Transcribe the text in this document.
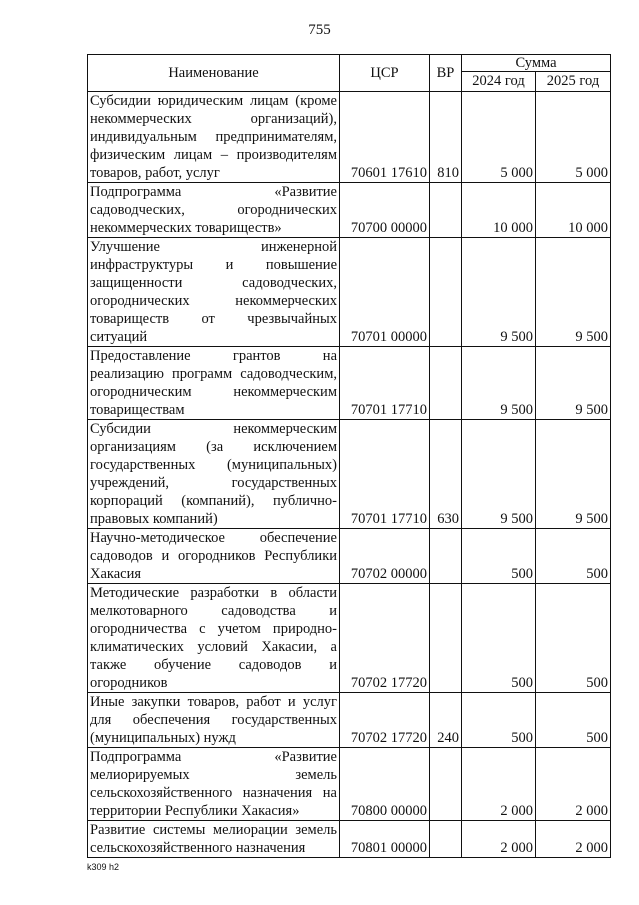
755
Наименование	ЦСР	ВР	Сумма	
			2024 год	2025 год
Субсидии юридическим лицам (кроме некоммерческих организаций), индивидуальным предпринимателям, физическим лицам – производителям товаров, работ, услуг	70601 17610	810	5 000	5 000
Подпрограмма «Развитие садоводческих, огороднических некоммерческих товариществ»	70700 00000		10 000	10 000
Улучшение инженерной инфраструктуры и повышение защищенности садоводческих, огороднических некоммерческих товариществ от чрезвычайных ситуаций	70701 00000		9 500	9 500
Предоставление грантов на реализацию программ садоводческим, огородническим некоммерческим товариществам	70701 17710		9 500	9 500
Субсидии некоммерческим организациям (за исключением государственных (муниципальных) учреждений, государственных корпораций (компаний), публично-правовых компаний)	70701 17710	630	9 500	9 500
Научно-методическое обеспечение садоводов и огородников Республики Хакасия	70702 00000		500	500
Методические разработки в области мелкотоварного садоводства и огородничества с учетом природно-климатических условий Хакасии, а также обучение садоводов и огородников	70702 17720		500	500
Иные закупки товаров, работ и услуг для обеспечения государственных (муниципальных) нужд	70702 17720	240	500	500
Подпрограмма «Развитие мелиорируемых земель сельскохозяйственного назначения на территории Республики Хакасия»	70800 00000		2 000	2 000
Развитие системы мелиорации земель сельскохозяйственного назначения	70801 00000		2 000	2 000
k309 h2
